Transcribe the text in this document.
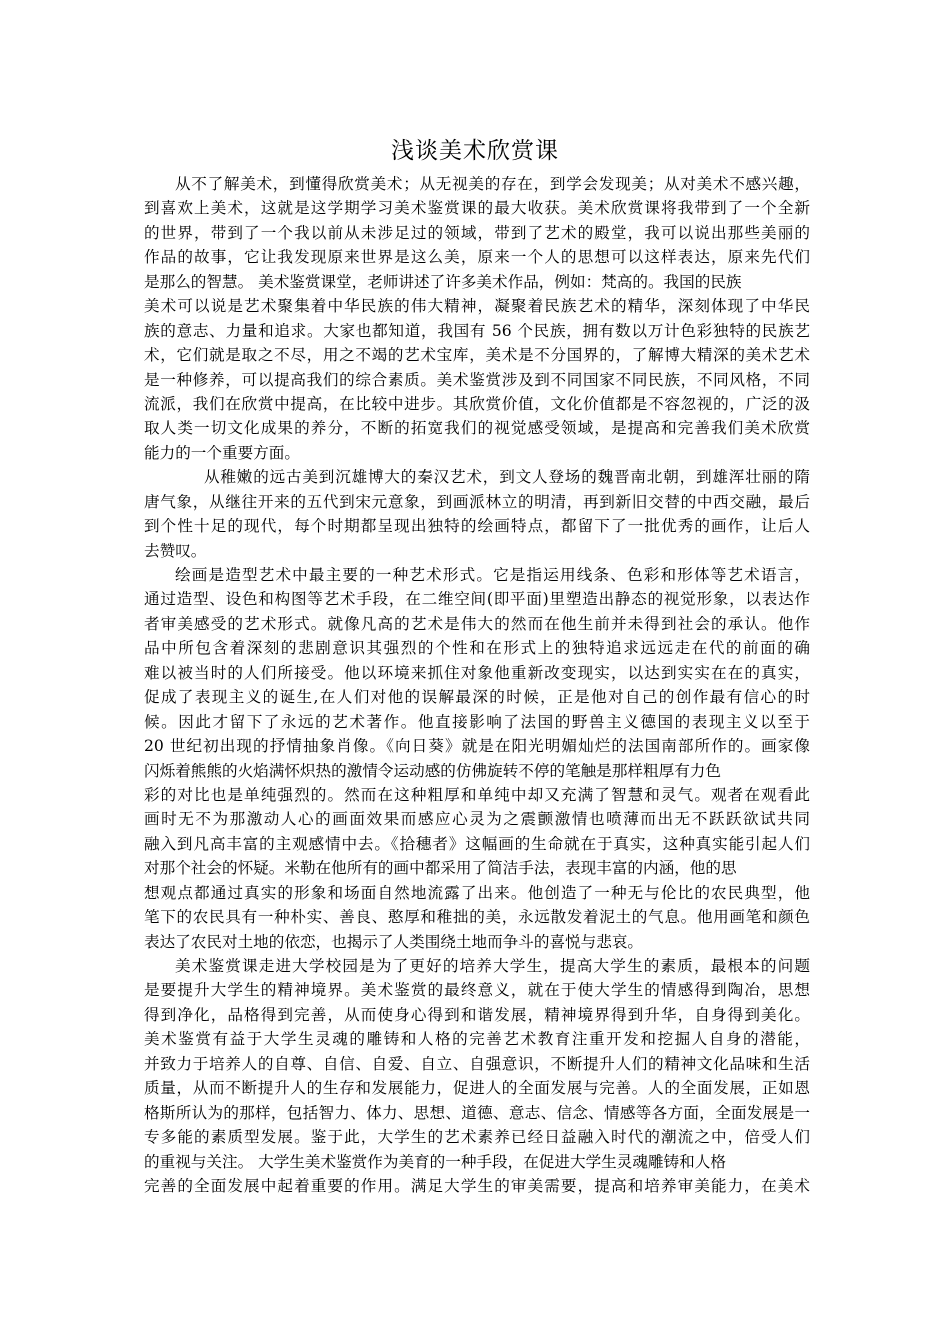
浅谈美术欣赏课
从不了解美术，到懂得欣赏美术；从无视美的存在，到学会发现美；从对美术不感兴趣，
到喜欢上美术，这就是这学期学习美术鉴赏课的最大收获。美术欣赏课将我带到了一个全新
的世界，带到了一个我以前从未涉足过的领域，带到了艺术的殿堂，我可以说出那些美丽的
作品的故事，它让我发现原来世界是这么美，原来一个人的思想可以这样表达，原来先代们
是那么的智慧。 美术鉴赏课堂，老师讲述了许多美术作品，例如：梵高的。我国的民族
美术可以说是艺术聚集着中华民族的伟大精神，凝聚着民族艺术的精华，深刻体现了中华民
族的意志、力量和追求。大家也都知道，我国有 56 个民族，拥有数以万计色彩独特的民族艺
术，它们就是取之不尽，用之不竭的艺术宝库，美术是不分国界的，了解博大精深的美术艺术
是一种修养，可以提高我们的综合素质。美术鉴赏涉及到不同国家不同民族，不同风格，不同
流派，我们在欣赏中提高，在比较中进步。其欣赏价值，文化价值都是不容忽视的，广泛的汲
取人类一切文化成果的养分，不断的拓宽我们的视觉感受领域，是提高和完善我们美术欣赏
能力的一个重要方面。
从稚嫩的远古美到沉雄博大的秦汉艺术，到文人登场的魏晋南北朝，到雄浑壮丽的隋
唐气象，从继往开来的五代到宋元意象，到画派林立的明清，再到新旧交替的中西交融，最后
到个性十足的现代，每个时期都呈现出独特的绘画特点，都留下了一批优秀的画作，让后人
去赞叹。
绘画是造型艺术中最主要的一种艺术形式。它是指运用线条、色彩和形体等艺术语言，
通过造型、设色和构图等艺术手段，在二维空间(即平面)里塑造出静态的视觉形象，以表达作
者审美感受的艺术形式。就像凡高的艺术是伟大的然而在他生前并未得到社会的承认。他作
品中所包含着深刻的悲剧意识其强烈的个性和在形式上的独特追求远远走在代的前面的确
难以被当时的人们所接受。他以环境来抓住对象他重新改变现实，以达到实实在在的真实，
促成了表现主义的诞生,在人们对他的误解最深的时候，正是他对自己的创作最有信心的时
候。因此才留下了永远的艺术著作。他直接影响了法国的野兽主义德国的表现主义以至于
20 世纪初出现的抒情抽象肖像。《向日葵》就是在阳光明媚灿烂的法国南部所作的。画家像
闪烁着熊熊的火焰满怀炽热的激情令运动感的仿佛旋转不停的笔触是那样粗厚有力色
彩的对比也是单纯强烈的。然而在这种粗厚和单纯中却又充满了智慧和灵气。观者在观看此
画时无不为那激动人心的画面效果而感应心灵为之震颤激情也喷薄而出无不跃跃欲试共同
融入到凡高丰富的主观感情中去。《拾穗者》这幅画的生命就在于真实，这种真实能引起人们
对那个社会的怀疑。米勒在他所有的画中都采用了简洁手法，表现丰富的内涵，他的思
想观点都通过真实的形象和场面自然地流露了出来。他创造了一种无与伦比的农民典型，他
笔下的农民具有一种朴实、善良、憨厚和稚拙的美，永远散发着泥土的气息。他用画笔和颜色
表达了农民对土地的依恋，也揭示了人类围绕土地而争斗的喜悦与悲哀。
美术鉴赏课走进大学校园是为了更好的培养大学生，提高大学生的素质，最根本的问题
是要提升大学生的精神境界。美术鉴赏的最终意义，就在于使大学生的情感得到陶冶，思想
得到净化，品格得到完善，从而使身心得到和谐发展，精神境界得到升华，自身得到美化。
美术鉴赏有益于大学生灵魂的雕铸和人格的完善艺术教育注重开发和挖掘人自身的潜能，
并致力于培养人的自尊、自信、自爱、自立、自强意识，不断提升人们的精神文化品味和生活
质量，从而不断提升人的生存和发展能力，促进人的全面发展与完善。人的全面发展，正如恩
格斯所认为的那样，包括智力、体力、思想、道德、意志、信念、情感等各方面，全面发展是一
专多能的素质型发展。鉴于此，大学生的艺术素养已经日益融入时代的潮流之中，倍受人们
的重视与关注。 大学生美术鉴赏作为美育的一种手段，在促进大学生灵魂雕铸和人格
完善的全面发展中起着重要的作用。满足大学生的审美需要，提高和培养审美能力，在美术
